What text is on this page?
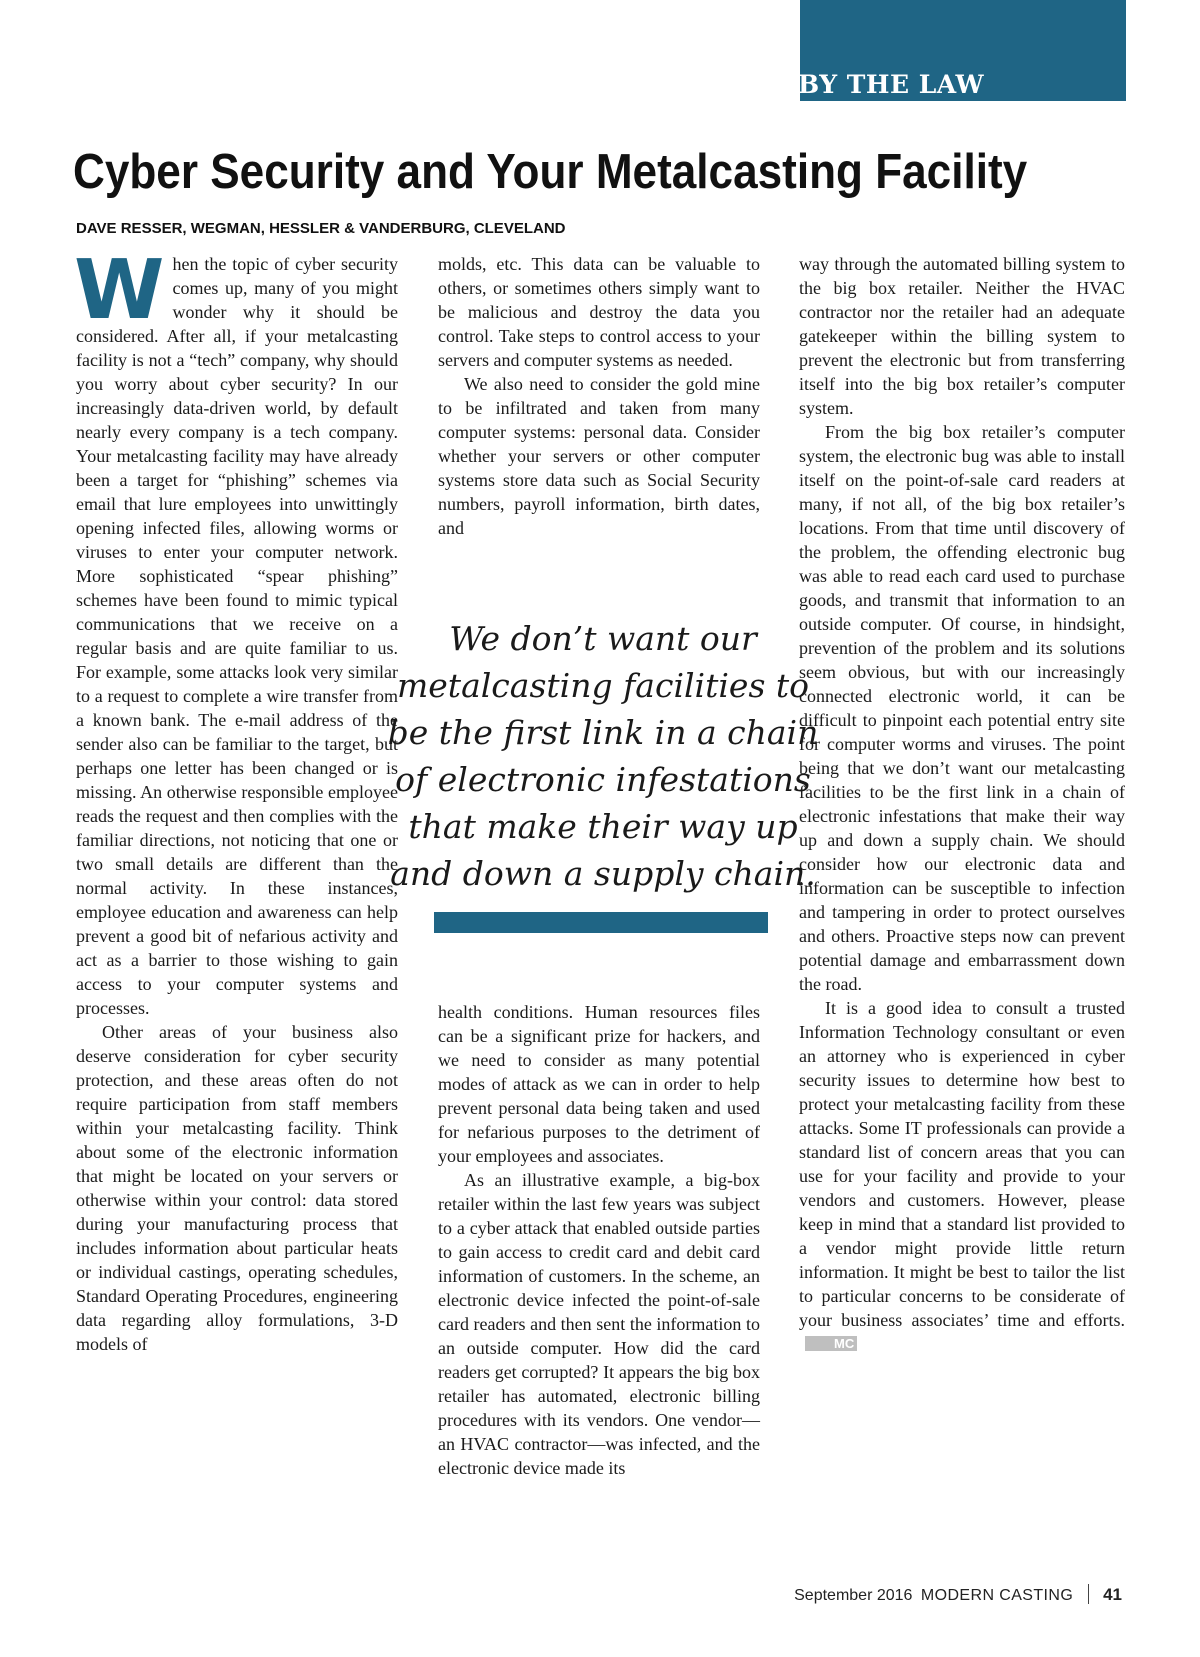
BY THE LAW
Cyber Security and Your Metalcasting Facility
DAVE RESSER, WEGMAN, HESSLER & VANDERBURG, CLEVELAND
W hen the topic of cyber security comes up, many of you might wonder why it should be considered. After all, if your metalcasting facility is not a “tech” company, why should you worry about cyber security? In our increasingly data-driven world, by default nearly every company is a tech company. Your metalcasting facility may have already been a target for “phishing” schemes via email that lure employees into unwittingly opening infected files, allowing worms or viruses to enter your computer network. More sophisticated “spear phishing” schemes have been found to mimic typical communications that we receive on a regular basis and are quite familiar to us. For example, some attacks look very similar to a request to complete a wire transfer from a known bank. The e-mail address of the sender also can be familiar to the target, but perhaps one letter has been changed or is missing. An otherwise responsible employee reads the request and then complies with the familiar directions, not noticing that one or two small details are different than the normal activity. In these instances, employee education and awareness can help prevent a good bit of nefarious activity and act as a barrier to those wishing to gain access to your computer systems and processes.

Other areas of your business also deserve consideration for cyber security protection, and these areas often do not require participation from staff members within your metalcasting facility. Think about some of the electronic information that might be located on your servers or otherwise within your control: data stored during your manufacturing process that includes information about particular heats or individual castings, operating schedules, Standard Operating Procedures, engineering data regarding alloy formulations, 3-D models of

molds, etc. This data can be valuable to others, or sometimes others simply want to be malicious and destroy the data you control. Take steps to control access to your servers and computer systems as needed.

We also need to consider the gold mine to be infiltrated and taken from many computer systems: personal data. Consider whether your servers or other computer systems store data such as Social Security numbers, payroll information, birth dates, and

We don’t want our metalcasting facilities to be the first link in a chain of electronic infestations that make their way up and down a supply chain.

health conditions. Human resources files can be a significant prize for hackers, and we need to consider as many potential modes of attack as we can in order to help prevent personal data being taken and used for nefarious purposes to the detriment of your employees and associates.

As an illustrative example, a big-box retailer within the last few years was subject to a cyber attack that enabled outside parties to gain access to credit card and debit card information of customers. In the scheme, an electronic device infected the point-of-sale card readers and then sent the information to an outside computer. How did the card readers get corrupted? It appears the big box retailer has automated, electronic billing procedures with its vendors. One vendor—an HVAC contractor—was infected, and the electronic device made its

way through the automated billing system to the big box retailer. Neither the HVAC contractor nor the retailer had an adequate gatekeeper within the billing system to prevent the electronic but from transferring itself into the big box retailer’s computer system.

From the big box retailer’s computer system, the electronic bug was able to install itself on the point-of-sale card readers at many, if not all, of the big box retailer’s locations. From that time until discovery of the problem, the offending electronic bug was able to read each card used to purchase goods, and transmit that information to an outside computer. Of course, in hindsight, prevention of the problem and its solutions seem obvious, but with our increasingly connected electronic world, it can be difficult to pinpoint each potential entry site for computer worms and viruses. The point being that we don’t want our metalcasting facilities to be the first link in a chain of electronic infestations that make their way up and down a supply chain. We should consider how our electronic data and information can be susceptible to infection and tampering in order to protect ourselves and others. Proactive steps now can prevent potential damage and embarrassment down the road.

It is a good idea to consult a trusted Information Technology consultant or even an attorney who is experienced in cyber security issues to determine how best to protect your metalcasting facility from these attacks. Some IT professionals can provide a standard list of concern areas that you can use for your facility and provide to your vendors and customers. However, please keep in mind that a standard list provided to a vendor might provide little return information. It might be best to tailor the list to particular concerns to be considerate of your business associates’ time and efforts.MC

September 2016 MODERN CASTING 41
